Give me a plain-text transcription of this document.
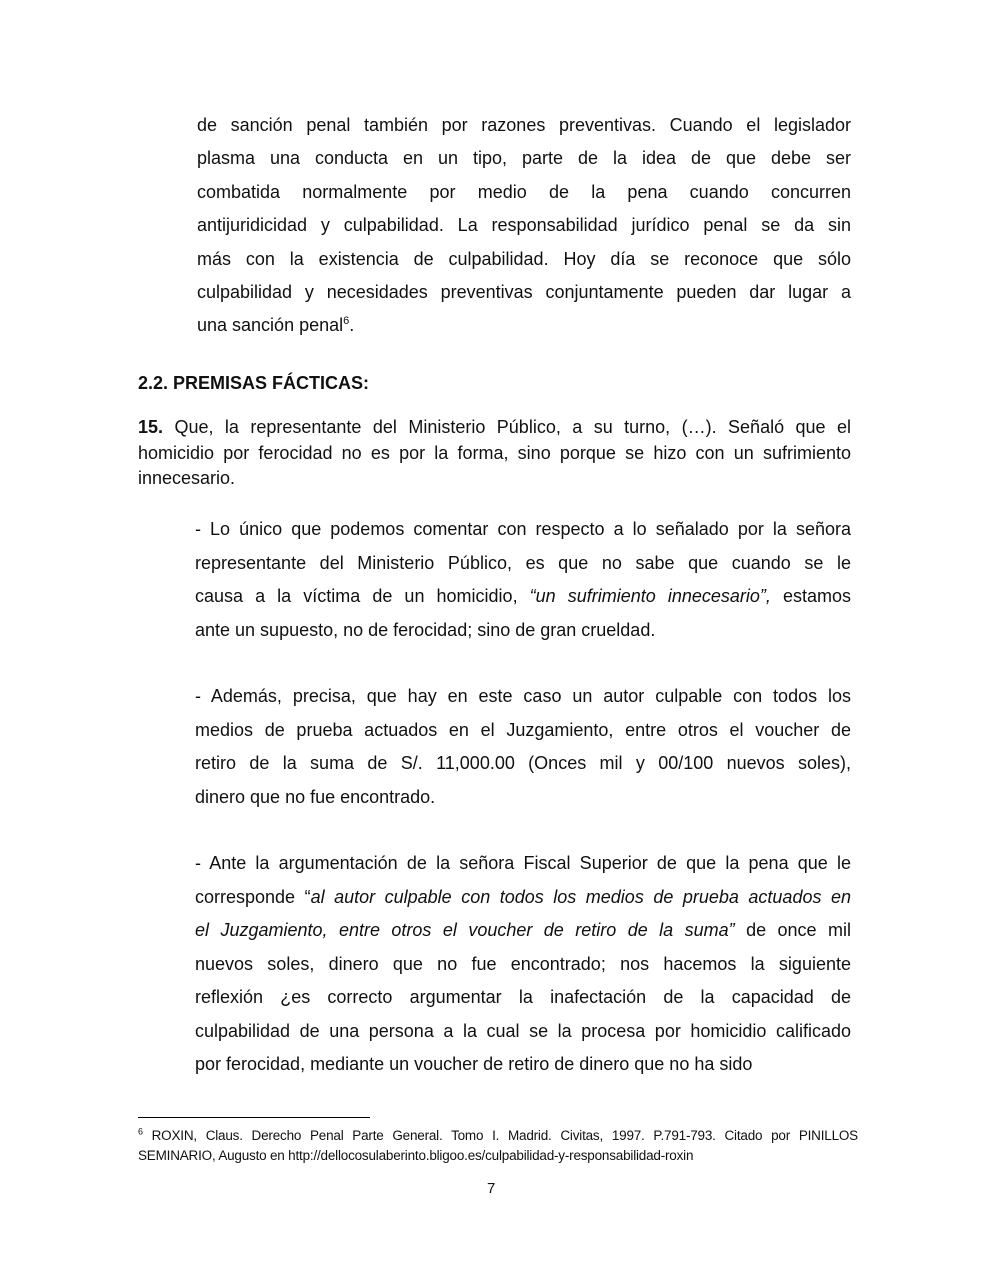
de sanción penal también por razones preventivas. Cuando el legislador
plasma una conducta en un tipo, parte de la idea de que debe ser
combatida normalmente por medio de la pena cuando concurren
antijuridicidad y culpabilidad. La responsabilidad jurídico penal se da sin
más con la existencia de culpabilidad. Hoy día se reconoce que sólo
culpabilidad y necesidades preventivas conjuntamente pueden dar lugar a
una sanción penal$^6$.
15. Que, la representante del Ministerio Público, a su turno, (…). Señaló que el
homicidio por ferocidad no es por la forma, sino porque se hizo con un sufrimiento
innecesario.
- Lo único que podemos comentar con respecto a lo señalado por la señora
representante del Ministerio Público, es que no sabe que cuando se le
causa a la víctima de un homicidio, “un sufrimiento innecesario”, estamos
ante un supuesto, no de ferocidad; sino de gran crueldad.
- Además, precisa, que hay en este caso un autor culpable con todos los
medios de prueba actuados en el Juzgamiento, entre otros el voucher de
retiro de la suma de S/. 11,000.00 (Onces mil y 00/100 nuevos soles),
dinero que no fue encontrado.
- Ante la argumentación de la señora Fiscal Superior de que la pena que le
corresponde “al autor culpable con todos los medios de prueba actuados en
el Juzgamiento, entre otros el voucher de retiro de la suma” de once mil
nuevos soles, dinero que no fue encontrado; nos hacemos la siguiente
reflexión ¿es correcto argumentar la inafectación de la capacidad de
culpabilidad de una persona a la cual se la procesa por homicidio calificado
por ferocidad, mediante un voucher de retiro de dinero que no ha sido
2.2. PREMISAS FÁCTICAS:
$^6$ ROXIN, Claus. Derecho Penal Parte General. Tomo I. Madrid. Civitas, 1997. P.791-793. Citado por PINILLOS
SEMINARIO, Augusto en http://dellocosulaberinto.bligoo.es/culpabilidad-y-responsabilidad-roxin
7
